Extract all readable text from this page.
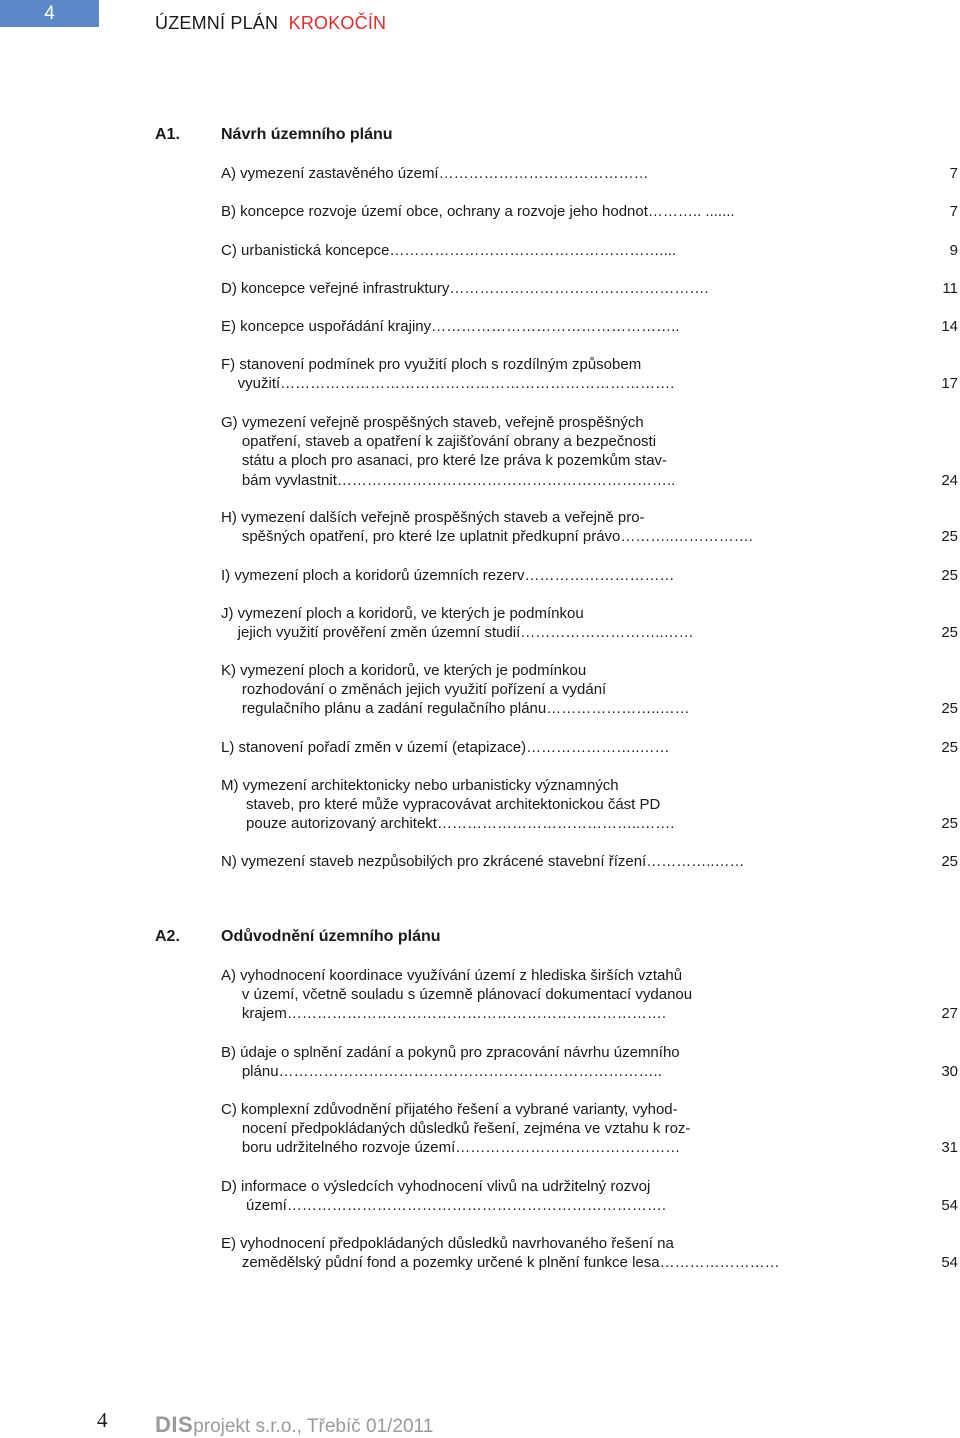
4	ÚZEMNÍ PLÁN KROKOČÍN
A1.	Návrh územního plánu
A) vymezení zastavěného území……………………………………	7
B) koncepce rozvoje území obce, ochrany a rozvoje jeho hodnot……….. .......	7
C) urbanistická koncepce………………………………………………....	9
D) koncepce veřejné infrastruktury…………………………………………….	11
E) koncepce uspořádání krajiny…………………………………………..	14
F) stanovení podmínek pro využití ploch s rozdílným způsobem
využití…………………………………………………………………….	17
G) vymezení veřejně prospěšných staveb, veřejně prospěšných
opatření, staveb a opatření k zajišťování obrany a bezpečnosti
státu a ploch pro asanaci, pro které lze práva k pozemkům stav-
bám vyvlastnit…………………………………………………………..	24
H) vymezení dalších veřejně prospěšných staveb a veřejně pro-
spěšných opatření, pro které lze uplatnit předkupní právo………..…………….	25
I) vymezení ploch a koridorů územních rezerv…………………………	25
J) vymezení ploch a koridorů, ve kterých je podmínkou
jejich využití prověření změn územní studií………………………..……	25
K) vymezení ploch a koridorů, ve kterých je podmínkou
rozhodování o změnách jejich využití pořízení a vydání
regulačního plánu a zadání regulačního plánu…………………..……	25
L) stanovení pořadí změn v území (etapizace)…………………..……	25
M) vymezení architektonicky nebo urbanisticky významných
staveb, pro které může vypracovávat architektonickou část PD
pouze autorizovaný architekt…………………………………..…….	25
N) vymezení staveb nezpůsobilých pro zkrácené stavební řízení…………..……	25
A2.	Odůvodnění územního plánu
A) vyhodnocení koordinace využívání území z hlediska širších vztahů
v území, včetně souladu s územně plánovací dokumentací vydanou
krajem………………………………………………………………….	27
B) údaje o splnění zadání a pokynů pro zpracování návrhu územního
plánu…………………………………………………………………..	30
C) komplexní zdůvodnění přijatého řešení a vybrané varianty, vyhod-
nocení předpokládaných důsledků řešení, zejména ve vztahu k roz-
boru udržitelného rozvoje území………………………………………	31
D) informace o výsledcích vyhodnocení vlivů na udržitelný rozvoj
území………………………………………………………………….	54
E) vyhodnocení předpokládaných důsledků navrhovaného řešení na
zemědělský půdní fond a pozemky určené k plnění funkce lesa……………………	54
4 DISprojekt s.r.o., Třebíč 01/2011
